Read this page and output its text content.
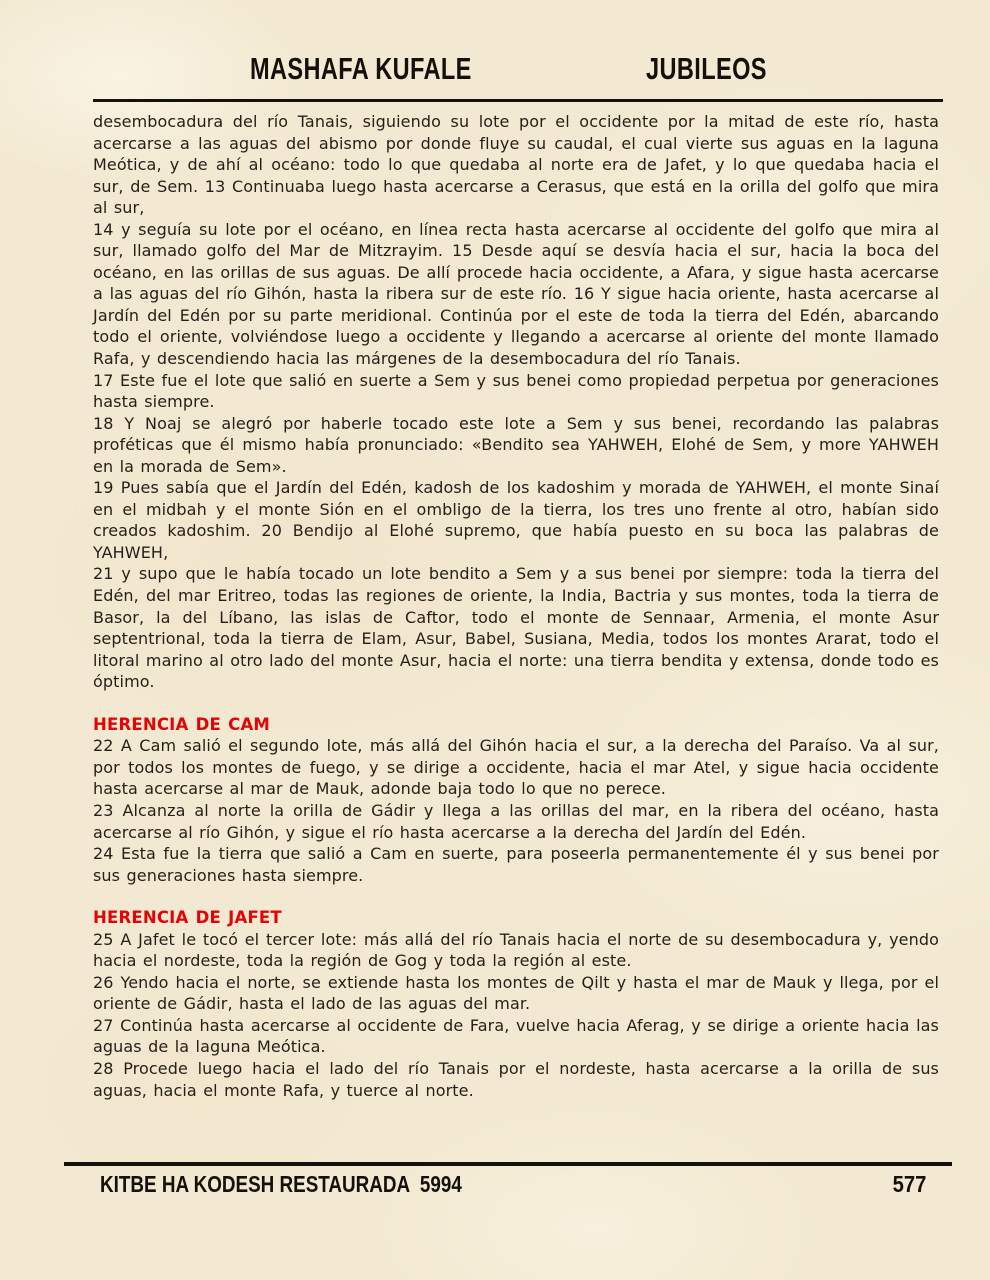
MASHAFA KUFALE	JUBILEOS

desembocadura del río Tanais, siguiendo su lote por el occidente por la mitad de este río, hasta acercarse a las aguas del abismo por donde fluye su caudal, el cual vierte sus aguas en la laguna Meótica, y de ahí al océano: todo lo que quedaba al norte era de Jafet, y lo que quedaba hacia el sur, de Sem. 13 Continuaba luego hasta acercarse a Cerasus, que está en la orilla del golfo que mira al sur,

14 y seguía su lote por el océano, en línea recta hasta acercarse al occidente del golfo que mira al sur, llamado golfo del Mar de Mitzrayim. 15 Desde aquí se desvía hacia el sur, hacia la boca del océano, en las orillas de sus aguas. De allí procede hacia occidente, a Afara, y sigue hasta acercarse a las aguas del río Gihón, hasta la ribera sur de este río. 16 Y sigue hacia oriente, hasta acercarse al Jardín del Edén por su parte meridional. Continúa por el este de toda la tierra del Edén, abarcando todo el oriente, volviéndose luego a occidente y llegando a acercarse al oriente del monte llamado Rafa, y descendiendo hacia las márgenes de la desembocadura del río Tanais.

17 Este fue el lote que salió en suerte a Sem y sus benei como propiedad perpetua por generaciones hasta siempre.

18 Y Noaj se alegró por haberle tocado este lote a Sem y sus benei, recordando las palabras proféticas que él mismo había pronunciado: «Bendito sea YAHWEH, Elohé de Sem, y more YAHWEH en la morada de Sem».

19 Pues sabía que el Jardín del Edén, kadosh de los kadoshim y morada de YAHWEH, el monte Sinaí en el midbah y el monte Sión en el ombligo de la tierra, los tres uno frente al otro, habían sido creados kadoshim. 20 Bendijo al Elohé supremo, que había puesto en su boca las palabras de YAHWEH,

21 y supo que le había tocado un lote bendito a Sem y a sus benei por siempre: toda la tierra del Edén, del mar Eritreo, todas las regiones de oriente, la India, Bactria y sus montes, toda la tierra de Basor, la del Líbano, las islas de Caftor, todo el monte de Sennaar, Armenia, el monte Asur septentrional, toda la tierra de Elam, Asur, Babel, Susiana, Media, todos los montes Ararat, todo el litoral marino al otro lado del monte Asur, hacia el norte: una tierra bendita y extensa, donde todo es óptimo.

HERENCIA DE CAM

22 A Cam salió el segundo lote, más allá del Gihón hacia el sur, a la derecha del Paraíso. Va al sur, por todos los montes de fuego, y se dirige a occidente, hacia el mar Atel, y sigue hacia occidente hasta acercarse al mar de Mauk, adonde baja todo lo que no perece.

23 Alcanza al norte la orilla de Gádir y llega a las orillas del mar, en la ribera del océano, hasta acercarse al río Gihón, y sigue el río hasta acercarse a la derecha del Jardín del Edén.

24 Esta fue la tierra que salió a Cam en suerte, para poseerla permanentemente él y sus benei por sus generaciones hasta siempre.

HERENCIA DE JAFET

25 A Jafet le tocó el tercer lote: más allá del río Tanais hacia el norte de su desembocadura y, yendo hacia el nordeste, toda la región de Gog y toda la región al este.

26 Yendo hacia el norte, se extiende hasta los montes de Qilt y hasta el mar de Mauk y llega, por el oriente de Gádir, hasta el lado de las aguas del mar.

27 Continúa hasta acercarse al occidente de Fara, vuelve hacia Aferag, y se dirige a oriente hacia las aguas de la laguna Meótica.

28 Procede luego hacia el lado del río Tanais por el nordeste, hasta acercarse a la orilla de sus aguas, hacia el monte Rafa, y tuerce al norte.

KITBE HA KODESH RESTAURADA  5994	577
